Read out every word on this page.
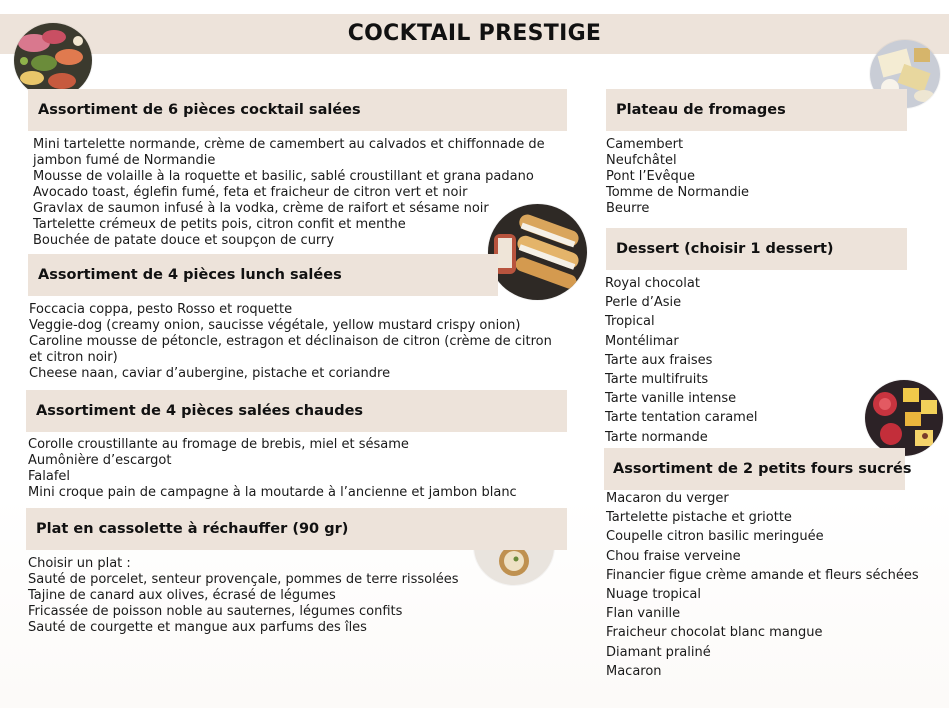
COCKTAIL PRESTIGE
Assortiment de 6 pièces cocktail salées
Mini tartelette normande, crème de camembert au calvados et chiffonnade de
jambon fumé de Normandie
Mousse de volaille à la roquette et basilic, sablé croustillant et grana padano
Avocado toast, églefin fumé, feta et fraicheur de citron vert et noir
Gravlax de saumon infusé à la vodka, crème de raifort et sésame noir
Tartelette crémeux de petits pois, citron confit et menthe
Bouchée de patate douce et soupçon de curry
Assortiment de 4 pièces lunch salées
Foccacia coppa, pesto Rosso et roquette
Veggie-dog (creamy onion, saucisse végétale, yellow mustard crispy onion)
Caroline mousse de pétoncle, estragon et déclinaison de citron (crème de citron
et citron noir)
Cheese naan, caviar d’aubergine, pistache et coriandre
Assortiment de 4 pièces salées chaudes
Corolle croustillante au fromage de brebis, miel et sésame
Aumônière d’escargot
Falafel
Mini croque pain de campagne à la moutarde à l’ancienne et jambon blanc
Plat en cassolette à réchauffer (90 gr)
Choisir un plat :
Sauté de porcelet, senteur provençale, pommes de terre rissolées
Tajine de canard aux olives, écrasé de légumes
Fricassée de poisson noble au sauternes, légumes confits
Sauté de courgette et mangue aux parfums des îles
Plateau de fromages
Camembert
Neufchâtel
Pont l’Evêque
Tomme de Normandie
Beurre
Dessert (choisir 1 dessert)
Royal chocolat
Perle d’Asie
Tropical
Montélimar
Tarte aux fraises
Tarte multifruits
Tarte vanille intense
Tarte tentation caramel
Tarte normande
Assortiment de 2 petits fours sucrés
Macaron du verger
Tartelette pistache et griotte
Coupelle citron basilic meringuée
Chou fraise verveine
Financier figue crème amande et fleurs séchées
Nuage tropical
Flan vanille
Fraicheur chocolat blanc mangue
Diamant praliné
Macaron
